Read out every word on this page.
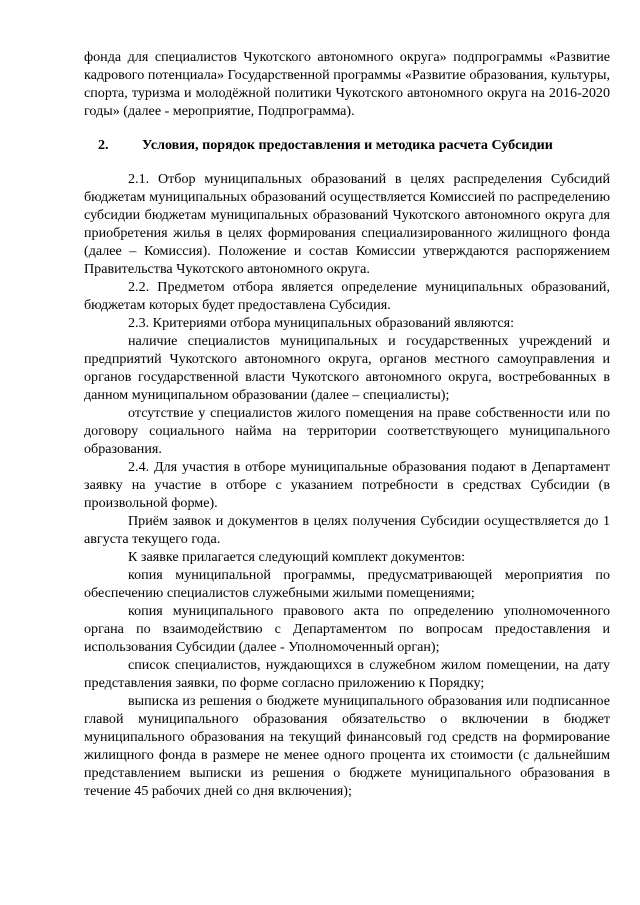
фонда для специалистов Чукотского автономного округа» подпрограммы «Развитие кадрового потенциала» Государственной программы «Развитие образования, культуры, спорта, туризма и молодёжной политики Чукотского автономного округа на 2016-2020 годы» (далее - мероприятие, Подпрограмма).

2.	Условия, порядок предоставления и методика расчета Субсидии

2.1. Отбор муниципальных образований в целях распределения Субсидий бюджетам муниципальных образований осуществляется Комиссией по распределению субсидии бюджетам муниципальных образований Чукотского автономного округа для приобретения жилья в целях формирования специализированного жилищного фонда (далее – Комиссия). Положение и состав Комиссии утверждаются распоряжением Правительства Чукотского автономного округа.

2.2. Предметом отбора является определение муниципальных образований, бюджетам которых будет предоставлена Субсидия.

2.3. Критериями отбора муниципальных образований являются:

наличие специалистов муниципальных и государственных учреждений и предприятий Чукотского автономного округа, органов местного самоуправления и органов государственной власти Чукотского автономного округа, востребованных в данном муниципальном образовании (далее – специалисты);

отсутствие у специалистов жилого помещения на праве собственности или по договору социального найма на территории соответствующего муниципального образования.

2.4. Для участия в отборе муниципальные образования подают в Департамент заявку на участие в отборе с указанием потребности в средствах Субсидии (в произвольной форме).

Приём заявок и документов в целях получения Субсидии осуществляется до 1 августа текущего года.

К заявке прилагается следующий комплект документов:

копия муниципальной программы, предусматривающей мероприятия по обеспечению специалистов служебными жилыми помещениями;

копия муниципального правового акта по определению уполномоченного органа по взаимодействию с Департаментом по вопросам предоставления и использования Субсидии (далее - Уполномоченный орган);

список специалистов, нуждающихся в служебном жилом помещении, на дату представления заявки, по форме согласно приложению к Порядку;

выписка из решения о бюджете муниципального образования или подписанное главой муниципального образования обязательство о включении в бюджет муниципального образования на текущий финансовый год средств на формирование жилищного фонда в размере не менее одного процента их стоимости (с дальнейшим представлением выписки из решения о бюджете муниципального образования в течение 45 рабочих дней со дня включения);
